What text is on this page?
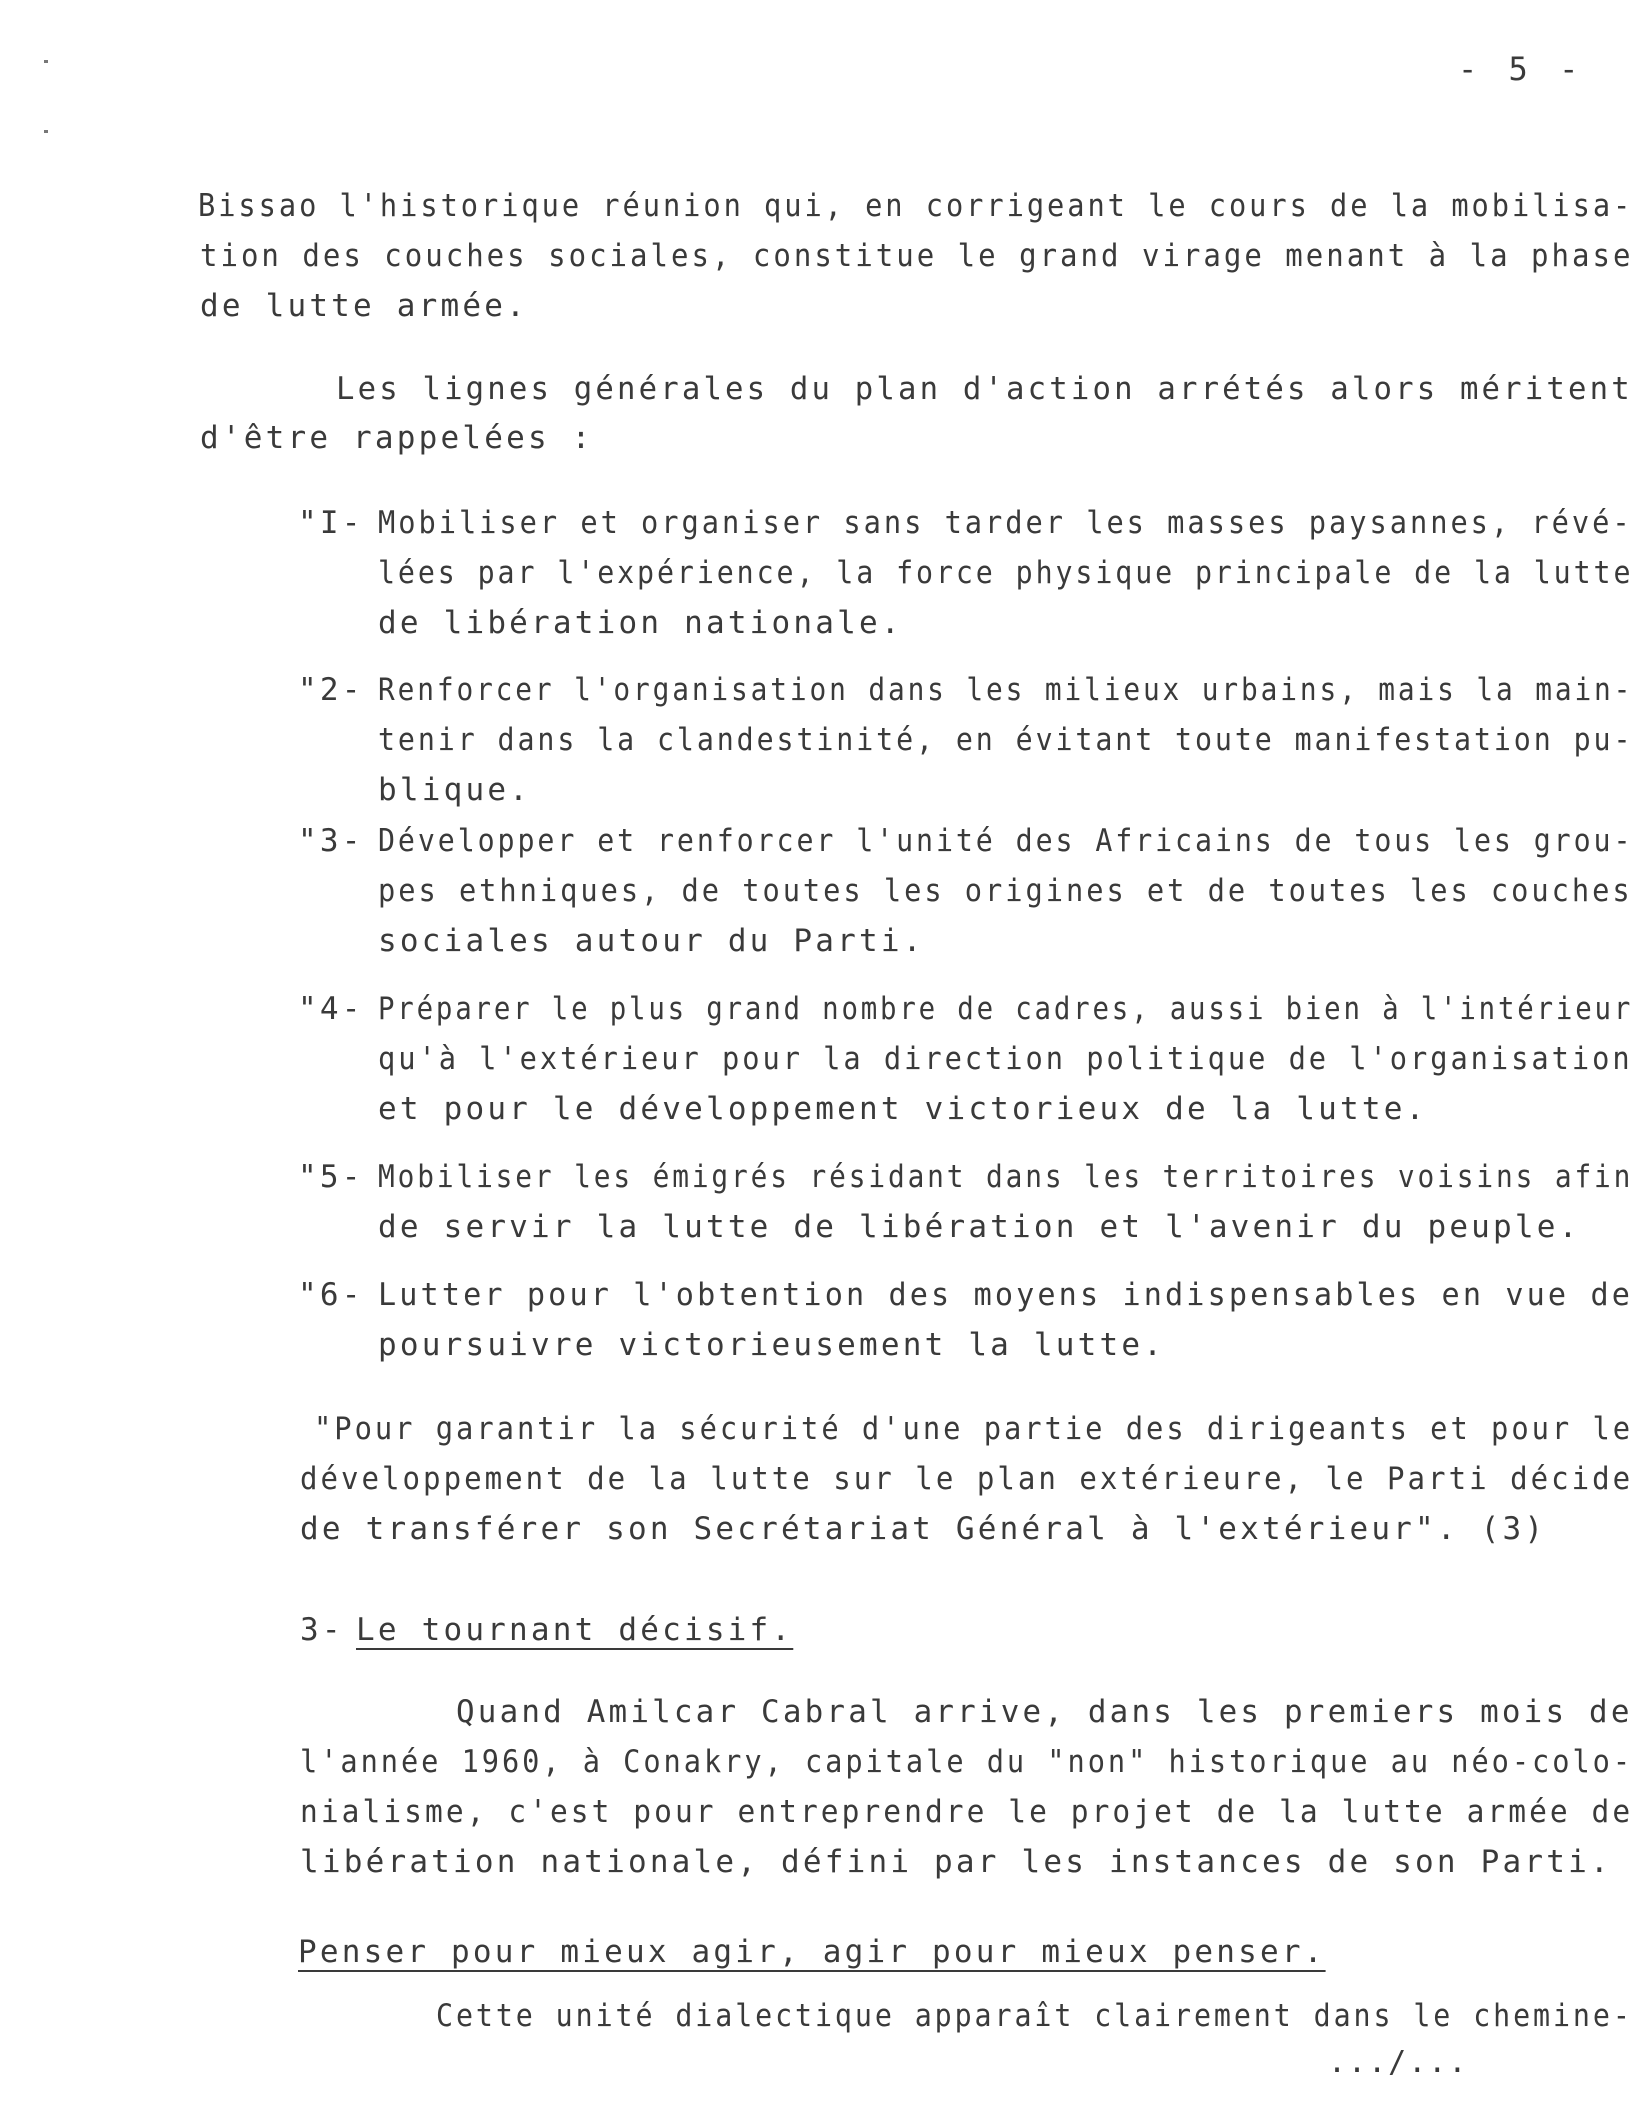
- 5 -
Bissao l'historique réunion qui, en corrigeant le cours de la mobilisa-
tion des couches sociales, constitue le grand virage menant à la phase
de lutte armée.
Les lignes générales du plan d'action arrétés alors méritent
d'être rappelées :
"I- Mobiliser et organiser sans tarder les masses paysannes, révé-
lées par l'expérience, la force physique principale de la lutte
de libération nationale.
"2- Renforcer l'organisation dans les milieux urbains, mais la main-
tenir dans la clandestinité, en évitant toute manifestation pu-
blique.
"3- Développer et renforcer l'unité des Africains de tous les grou-
pes ethniques, de toutes les origines et de toutes les couches
sociales autour du Parti.
"4- Préparer le plus grand nombre de cadres, aussi bien à l'intérieur
qu'à l'extérieur pour la direction politique de l'organisation
et pour le développement victorieux de la lutte.
"5- Mobiliser les émigrés résidant dans les territoires voisins afin
de servir la lutte de libération et l'avenir du peuple.
"6- Lutter pour l'obtention des moyens indispensables en vue de
poursuivre victorieusement la lutte.
"Pour garantir la sécurité d'une partie des dirigeants et pour le
développement de la lutte sur le plan extérieure, le Parti décide
de transférer son Secrétariat Général à l'extérieur". (3)
3- Le tournant décisif.
Quand Amilcar Cabral arrive, dans les premiers mois de
l'année 1960, à Conakry, capitale du "non" historique au néo-colo-
nialisme, c'est pour entreprendre le projet de la lutte armée de
libération nationale, défini par les instances de son Parti.
Penser pour mieux agir, agir pour mieux penser.
Cette unité dialectique apparaît clairement dans le chemine-
.../...
